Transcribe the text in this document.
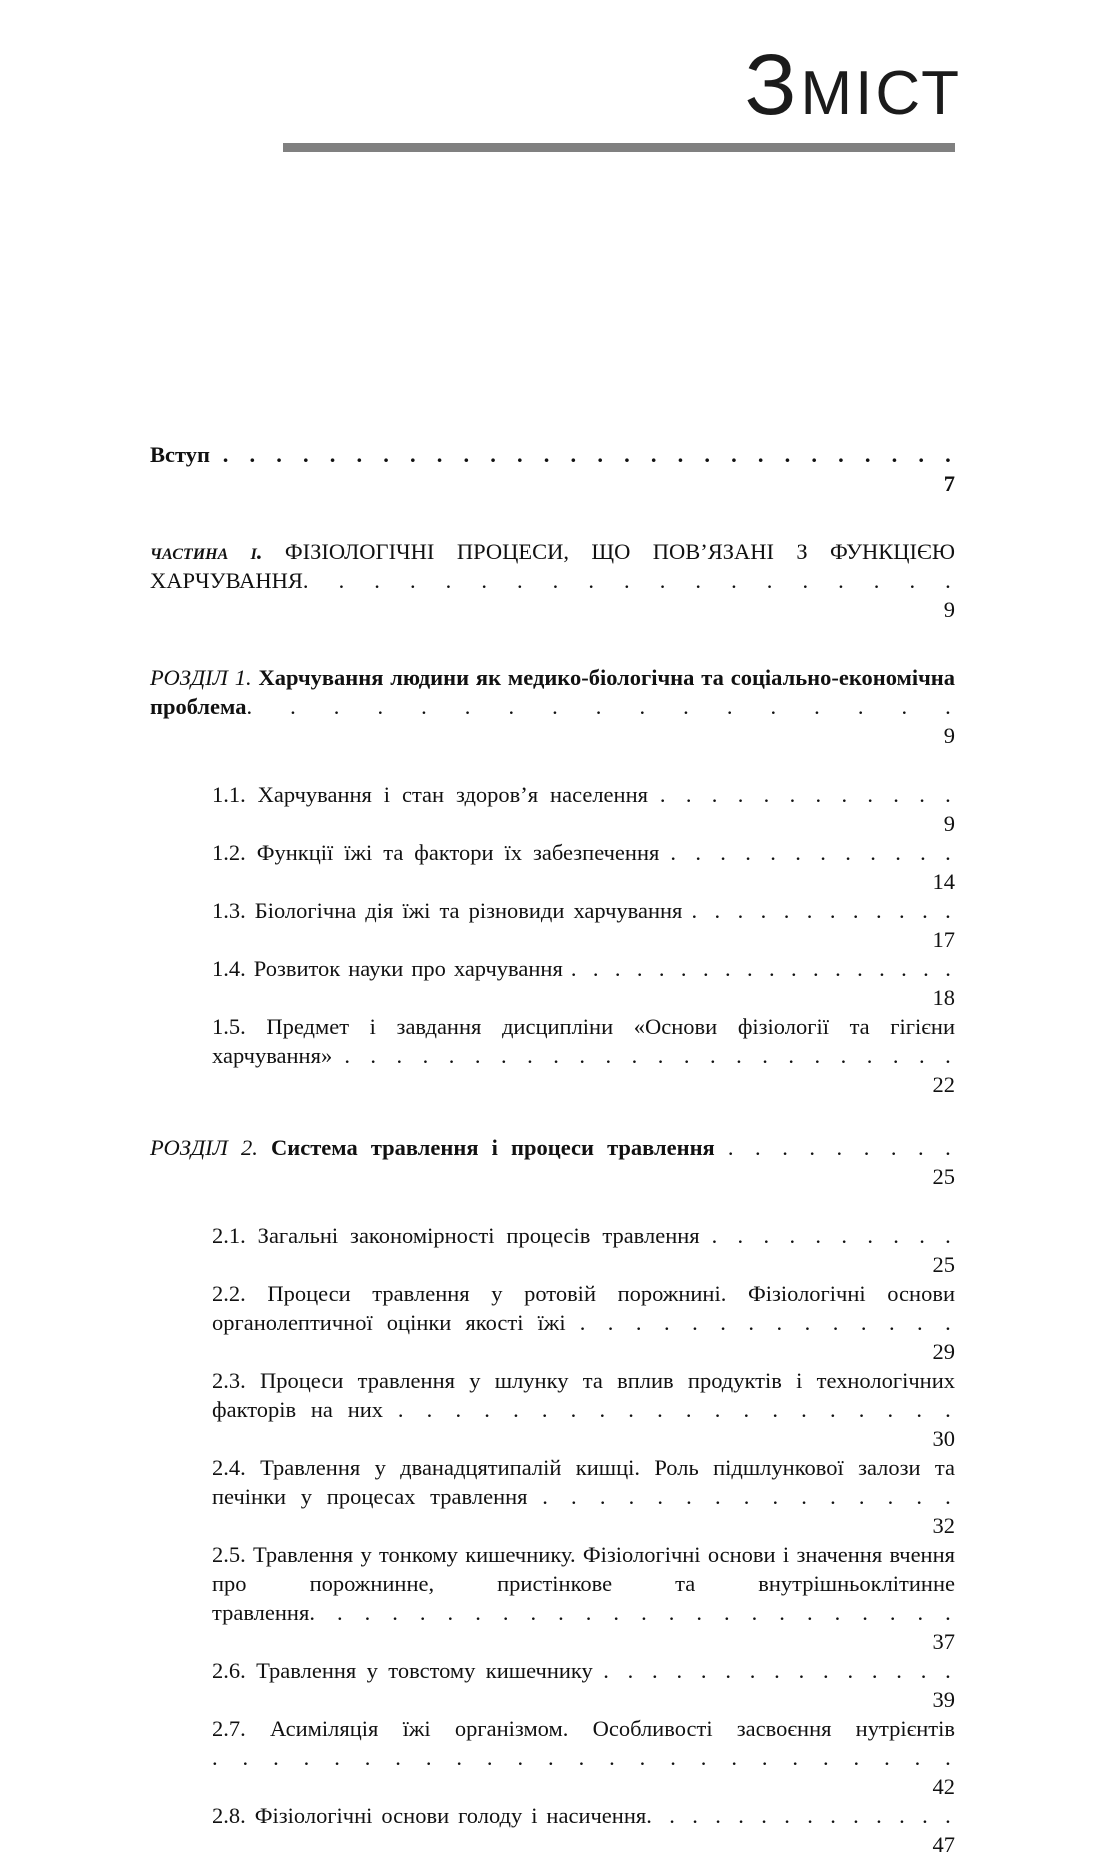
ЗМІСТ
Вступ . . . . . . . . . . . . . . . . . . . . . . . . . . . .
7
частина i. ФІЗІОЛОГІЧНІ ПРОЦЕСИ, ЩО ПОВ’ЯЗАНІ З ФУНКЦІЄЮ ХАРЧУВАННЯ. . . . . . . . . . . . . . . . . . .
9
РОЗДІЛ 1. Харчування людини як медико-біологічна та соціально-економічна проблема. . . . . . . . . . . . . . . . .
9
1.1. Харчування і стан здоров’я населення . . . . . . . . . . . .
9
1.2. Функції їжі та фактори їх забезпечення . . . . . . . . . . . .
14
1.3. Біологічна дія їжі та різновиди харчування . . . . . . . . . . . .
17
1.4. Розвиток науки про харчування . . . . . . . . . . . . . . . . . .
18
1.5. Предмет і завдання дисципліни «Основи фізіології та гігієни харчування» . . . . . . . . . . . . . . . . . . . . . . . .
22
РОЗДІЛ 2. Система травлення і процеси травлення . . . . . . . . .
25
2.1. Загальні закономірності процесів травлення . . . . . . . . . .
25
2.2. Процеси травлення у ротовій порожнині. Фізіологічні основи органолептичної оцінки якості їжі . . . . . . . . . . . . . .
29
2.3. Процеси травлення у шлунку та вплив продуктів і технологічних факторів на них . . . . . . . . . . . . . . . . . . . .
30
2.4. Травлення у дванадцятипалій кишці. Роль підшлункової залози та печінки у процесах травлення . . . . . . . . . . . . . . .
32
2.5. Травлення у тонкому кишечнику. Фізіологічні основи і значення вчення про порожнинне, пристінкове та внутрішньоклітинне травлення. . . . . . . . . . . . . . . . . . . . . . . .
37
2.6. Травлення у товстому кишечнику . . . . . . . . . . . . . . .
39
2.7. Асиміляція їжі організмом. Особливості засвоєння нутрієнтів . . . . . . . . . . . . . . . . . . . . . . . . .
42
2.8. Фізіологічні основи голоду і насичення. . . . . . . . . . . . . .
47
